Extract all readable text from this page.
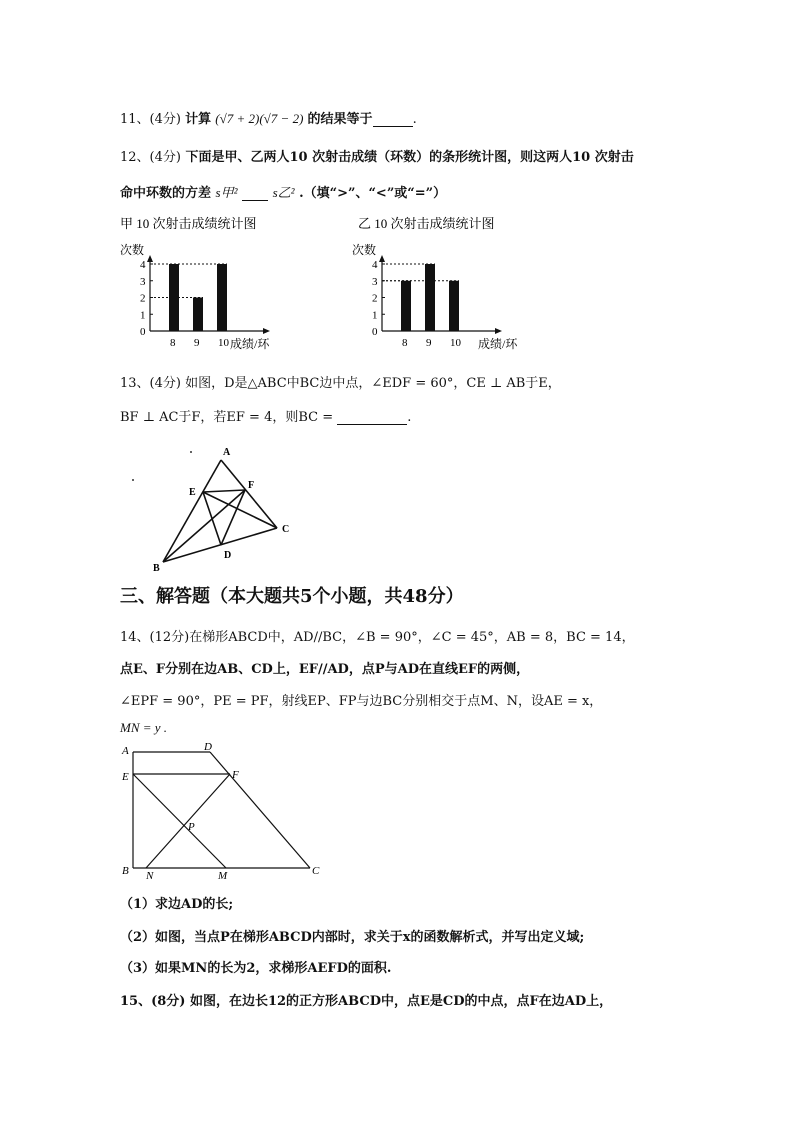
11、(4分) 计算 (√7 + 2)(√7 − 2) 的结果等于	.
12、(4分) 下面是甲、乙两人10 次射击成绩（环数）的条形统计图，则这两人10 次射击
命中环数的方差 s甲²	s乙² .（填“>”、“<”或“=”）
甲 10 次射击成绩统计图
次数
0
1
2
3
4
8 9 10 成绩/环
乙 10 次射击成绩统计图
次数
0
1
2
3
4
8 9 10 成绩/环
13、(4分) 如图，D是△ABC中BC边中点，∠EDF = 60°，CE ⊥ AB于E，
BF ⊥ AC于F，若EF = 4，则BC =	.
A
E
F
C
B
D
三、解答题（本大题共5个小题，共48分）
14、(12分)在梯形ABCD中，AD//BC，∠B = 90°，∠C = 45°，AB = 8，BC = 14，
点E、F分别在边AB、CD上，EF//AD，点P与AD在直线EF的两侧，
∠EPF = 90°，PE = PF，射线EP、FP与边BC分别相交于点M、N，设AE = x，
MN = y .
A	D
E	F
P
B N	M	C
（1）求边AD的长;
（2）如图，当点P在梯形ABCD内部时，求关于x的函数解析式，并写出定义域;
（3）如果MN的长为2，求梯形AEFD的面积.
15、(8分) 如图，在边长12的正方形ABCD中，点E是CD的中点，点F在边AD上，
